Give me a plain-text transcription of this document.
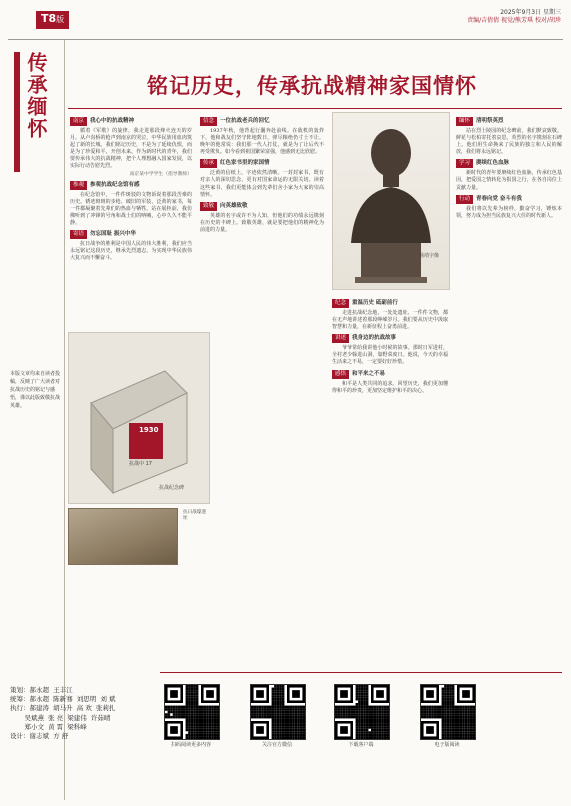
T8版
2025年9月3日 星期三
责编/吉倩倩 视觉/熊芳琪 校对/胡珍
传承缅怀
本版文章均来自读者投稿，反映了广大读者对抗战历史的铭记与感悟，谨以此版致敬抗战英雄。
铭记历史，传承抗战精神家国情怀
南京 我心中的抗战精神

循着《军歌》的旋律，我走进那段烽火连天的岁月。从卢沟桥的枪声到南京的哭泣，中华民族用血肉筑起了新的长城。我们铭记历史，不是为了延续仇恨，而是为了珍爱和平、开创未来。作为新时代的青年，我们要传承伟大的抗战精神，把个人理想融入国家发展，以实际行动告慰先烈。

南京某中学学生（指导教师）
参观 参观抗战纪念馆有感

在纪念馆中，一件件斑驳的文物诉说着那段苦难的历史。锈迹斑斑的步枪、破旧的军装、泛黄的家书，每一件都凝聚着先辈们的热血与牺牲。站在展柜前，我仿佛听到了冲锋的号角和战士们的呐喊，心中久久不能平静。

寄语 勿忘国耻 振兴中华

抗日战争的胜利是中国人民的伟大胜利，我们应当永远铭记这段历史，继承先烈遗志，为实现中华民族伟大复兴而不懈奋斗。

信念 一位抗战老兵的回忆

1937年秋，他背起行囊奔赴前线。在敌机的轰炸下，他和战友们坚守阵地数日，弹尽粮绝仍寸土不让。晚年的他常说：我们那一代人打仗，就是为了让后代不再受欺负。如今看到祖国繁荣富强，他感到无比欣慰。

传承 红色家书里的家国情

泛黄的信纸上，字迹依然清晰。一封封家书，既有对亲人的深切思念，更有对国家命运的无限关切。读着这些家书，我们更能体会到先辈们舍小家为大家的崇高情怀。

致敬 向英雄致敬

英雄的名字或许不为人知，但他们的功绩永远镌刻在历史的丰碑上。致敬英雄，就是要把他们的精神化为前进的力量。

纪念 重温历史 砥砺前行

走进抗战纪念地，一处处遗址、一件件文物，都在无声地讲述着那段峥嵘岁月。我们要从历史中汲取智慧和力量，在新征程上奋勇前进。

讲述 我身边的抗战故事

爷爷常给我讲他小时候的故事。那时日军进村，全村老少躲进山洞，靠野菜度日。他说，今天的幸福生活来之不易，一定要好好珍惜。

感悟 和平来之不易

和平是人类共同的追求。回望历史，我们更加懂得和平的珍贵，更加坚定维护和平的决心。

缅怀 清明祭英烈

站在烈士陵园的纪念碑前，我们默哀致敬。鲜花与松柏寄托着哀思，英烈的名字镌刻在石碑上。他们用生命换来了民族的独立和人民的解放，我们将永远铭记。

学习 赓续红色血脉

新时代的青年要赓续红色血脉，传承红色基因，把爱国之情转化为报国之行，在各自岗位上贡献力量。

行动 青春向党 奋斗有我

我们将以先辈为榜样，勤奋学习，锤炼本领，努力成为担当民族复兴大任的时代新人。

杨靖宇像
1930
抗战中 17
抗战纪念碑
抗日战壕遗址
策划：郝永超  王丰江
统筹：郝永超  陈新骞  刘思明  刘 斌
执行：郝建涛  胡马升  高 欢  张莉扎
吴斌燕  张 亮  梁建伟  许茹晴
郑小文  黄 霄  梁科峰
设计：谢志斌  方 舒
扫码阅读更多内容	关注官方微信	下载客户端	电子版阅读
